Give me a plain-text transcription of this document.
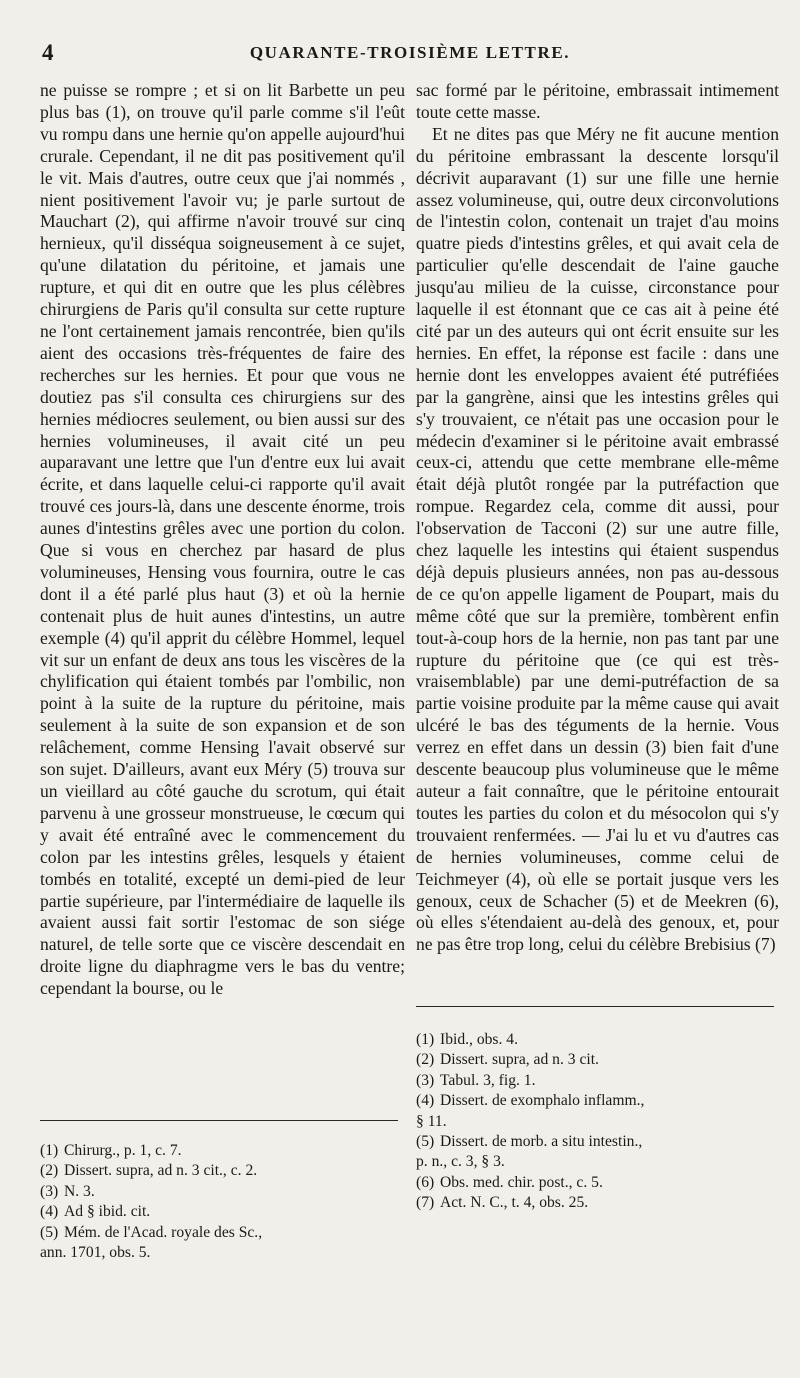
4	QUARANTE-TROISIÈME LETTRE.

ne puisse se rompre ; et si on lit Barbette un peu plus bas (1), on trouve qu'il parle comme s'il l'eût vu rompu dans une hernie qu'on appelle aujourd'hui crurale. Cependant, il ne dit pas positivement qu'il le vit. Mais d'autres, outre ceux que j'ai nommés , nient positivement l'avoir vu; je parle surtout de Mauchart (2), qui affirme n'avoir trouvé sur cinq hernieux, qu'il disséqua soigneusement à ce sujet, qu'une dilatation du péritoine, et jamais une rupture, et qui dit en outre que les plus célèbres chirurgiens de Paris qu'il consulta sur cette rupture ne l'ont certainement jamais rencontrée, bien qu'ils aient des occasions très-fréquentes de faire des recherches sur les hernies. Et pour que vous ne doutiez pas s'il consulta ces chirurgiens sur des hernies médiocres seulement, ou bien aussi sur des hernies volumineuses, il avait cité un peu auparavant une lettre que l'un d'entre eux lui avait écrite, et dans laquelle celui-ci rapporte qu'il avait trouvé ces jours-là, dans une descente énorme, trois aunes d'intestins grêles avec une portion du colon. Que si vous en cherchez par hasard de plus volumineuses, Hensing vous fournira, outre le cas dont il a été parlé plus haut (3) et où la hernie contenait plus de huit aunes d'intestins, un autre exemple (4) qu'il apprit du célèbre Hommel, lequel vit sur un enfant de deux ans tous les viscères de la chylification qui étaient tombés par l'ombilic, non point à la suite de la rupture du péritoine, mais seulement à la suite de son expansion et de son relâchement, comme Hensing l'avait observé sur son sujet. D'ailleurs, avant eux Méry (5) trouva sur un vieillard au côté gauche du scrotum, qui était parvenu à une grosseur monstrueuse, le cœcum qui y avait été entraîné avec le commencement du colon par les intestins grêles, lesquels y étaient tombés en totalité, excepté un demi-pied de leur partie supérieure, par l'intermédiaire de laquelle ils avaient aussi fait sortir l'estomac de son siége naturel, de telle sorte que ce viscère descendait en droite ligne du diaphragme vers le bas du ventre; cependant la bourse, ou le

sac formé par le péritoine, embrassait intimement toute cette masse.

Et ne dites pas que Méry ne fit aucune mention du péritoine embrassant la descente lorsqu'il décrivit auparavant (1) sur une fille une hernie assez volumineuse, qui, outre deux circonvolutions de l'intestin colon, contenait un trajet d'au moins quatre pieds d'intestins grêles, et qui avait cela de particulier qu'elle descendait de l'aine gauche jusqu'au milieu de la cuisse, circonstance pour laquelle il est étonnant que ce cas ait à peine été cité par un des auteurs qui ont écrit ensuite sur les hernies. En effet, la réponse est facile : dans une hernie dont les enveloppes avaient été putréfiées par la gangrène, ainsi que les intestins grêles qui s'y trouvaient, ce n'était pas une occasion pour le médecin d'examiner si le péritoine avait embrassé ceux-ci, attendu que cette membrane elle-même était déjà plutôt rongée par la putréfaction que rompue. Regardez cela, comme dit aussi, pour l'observation de Tacconi (2) sur une autre fille, chez laquelle les intestins qui étaient suspendus déjà depuis plusieurs années, non pas au-dessous de ce qu'on appelle ligament de Poupart, mais du même côté que sur la première, tombèrent enfin tout-à-coup hors de la hernie, non pas tant par une rupture du péritoine que (ce qui est très-vraisemblable) par une demi-putréfaction de sa partie voisine produite par la même cause qui avait ulcéré le bas des téguments de la hernie. Vous verrez en effet dans un dessin (3) bien fait d'une descente beaucoup plus volumineuse que le même auteur a fait connaître, que le péritoine entourait toutes les parties du colon et du mésocolon qui s'y trouvaient renfermées. — J'ai lu et vu d'autres cas de hernies volumineuses, comme celui de Teichmeyer (4), où elle se portait jusque vers les genoux, ceux de Schacher (5) et de Meekren (6), où elles s'étendaient au-delà des genoux, et, pour ne pas être trop long, celui du célèbre Brebisius (7)

(1) Chirurg., p. 1, c. 7.
(2) Dissert. supra, ad n. 3 cit., c. 2.
(3) N. 3.
(4) Ad § ibid. cit.
(5) Mém. de l'Acad. royale des Sc.,
ann. 1701, obs. 5.
(1) Ibid., obs. 4.
(2) Dissert. supra, ad n. 3 cit.
(3) Tabul. 3, fig. 1.
(4) Dissert. de exomphalo inflamm.,
§ 11.
(5) Dissert. de morb. a situ intestin.,
p. n., c. 3, § 3.
(6) Obs. med. chir. post., c. 5.
(7) Act. N. C., t. 4, obs. 25.
